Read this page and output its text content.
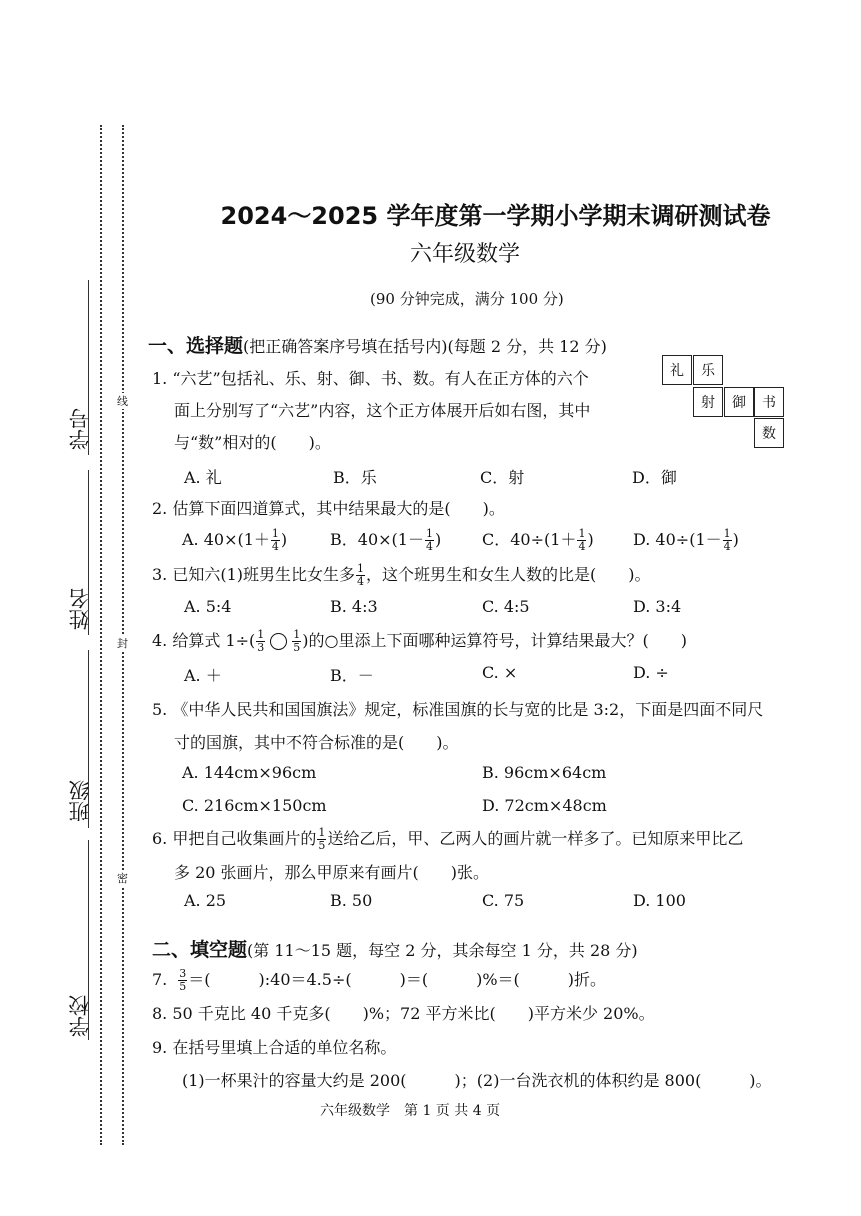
学号
姓名
班级
学校
线
封
密
2024～2025 学年度第一学期小学期末调研测试卷
六年级数学
(90 分钟完成，满分 100 分)
一、选择题(把正确答案序号填在括号内)(每题 2 分，共 12 分)
1. “六艺”包括礼、乐、射、御、书、数。有人在正方体的六个
面上分别写了“六艺”内容，这个正方体展开后如右图，其中
与“数”相对的(　　)。
A. 礼	B．乐	C．射	D．御
礼	乐
射	御	书
数
2. 估算下面四道算式，其中结果最大的是(　　)。
A. $40\times(1+ \frac{1}{4}$ )	B．$40\times(1- \frac{1}{4}$ )	C．$40\div(1+ \frac{1}{4}$ ) D. $40\div(1- \frac{1}{4}$ )
3. 已知六(1)班男生比女生多 $\frac{1}{4}$ ，这个班男生和女生人数的比是(　　)。
A. 5:4	B. 4:3	C. 4:5	D. 3:4
4. 给算式 $1\div( \frac{1}{3} \frac{1}{5}$ )的○里添上下面哪种运算符号，计算结果最大？(　　)
A. ＋	B．－	C. ×	D. ÷
5. 《中华人民共和国国旗法》规定，标准国旗的长与宽的比是 3:2，下面是四面不同尺
寸的国旗，其中不符合标准的是(　　)。
A. 144cm×96cm	B. 96cm×64cm
C. 216cm×150cm	D. 72cm×48cm
6. 甲把自己收集画片的 $\frac{1}{5}$ 送给乙后，甲、乙两人的画片就一样多了。已知原来甲比乙
多 20 张画片，那么甲原来有画片(　　)张。
A. 25	B. 50	C. 75	D. 100
二、填空题(第 11～15 题，每空 2 分，其余每空 1 分，共 28 分)
7. $\frac{3}{5}$ ＝(　　　):40＝4.5÷(　　　)＝(　　　)%＝(　　　)折。
8. 50 千克比 40 千克多(　　)%；72 平方米比(　　)平方米少 20%。
9. 在括号里填上合适的单位名称。
(1)一杯果汁的容量大约是 200(　　　)；(2)一台洗衣机的体积约是 800(　　　)。
六年级数学　第 1 页 共 4 页
